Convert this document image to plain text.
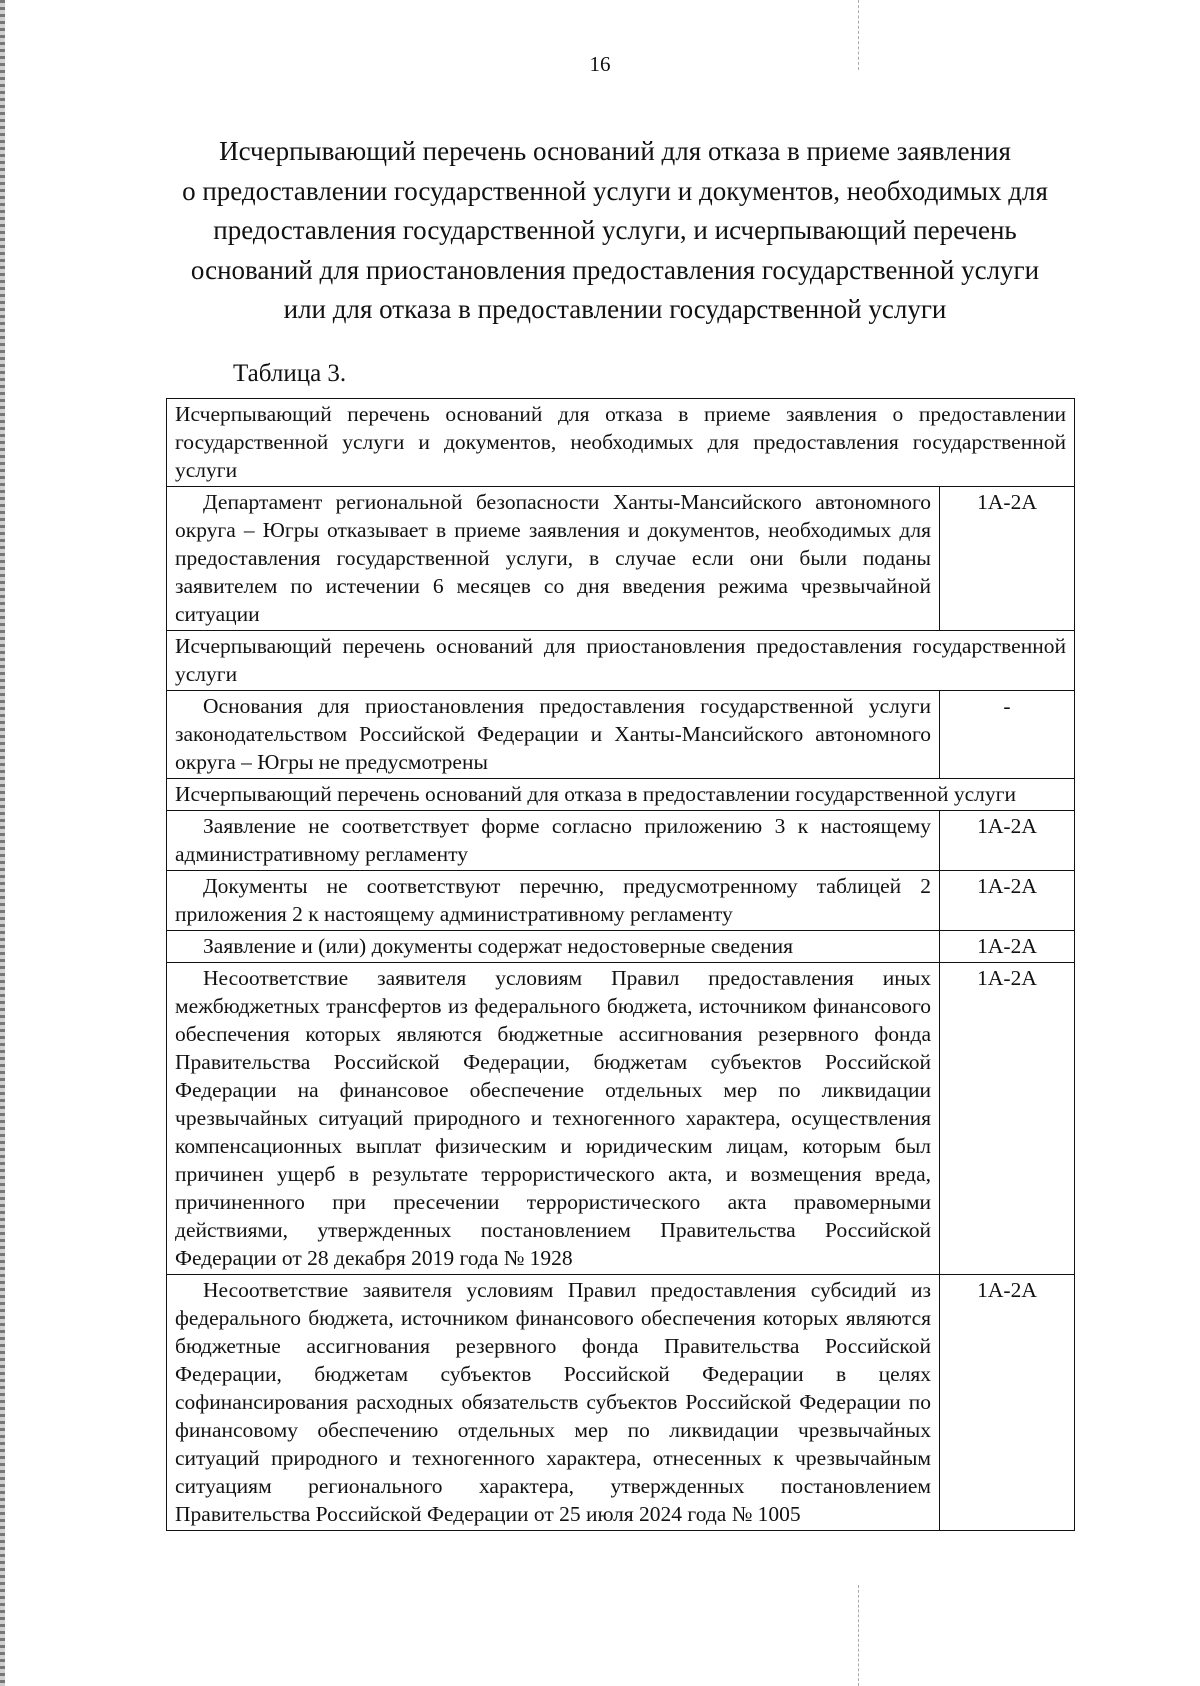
16
Исчерпывающий перечень оснований для отказа в приеме заявления
о предоставлении государственной услуги и документов, необходимых для
предоставления государственной услуги, и исчерпывающий перечень
оснований для приостановления предоставления государственной услуги
или для отказа в предоставлении государственной услуги
Таблица 3.
Исчерпывающий перечень оснований для отказа в приеме заявления о предоставлении государственной услуги и документов, необходимых для предоставления государственной услуги	
Департамент региональной безопасности Ханты-Мансийского автономного округа – Югры отказывает в приеме заявления и документов, необходимых для предоставления государственной услуги, в случае если они были поданы заявителем по истечении 6 месяцев со дня введения режима чрезвычайной ситуации	1А-2А
Исчерпывающий перечень оснований для приостановления предоставления государственной услуги	
Основания для приостановления предоставления государственной услуги законодательством Российской Федерации и Ханты-Мансийского автономного округа – Югры не предусмотрены	-
Исчерпывающий перечень оснований для отказа в предоставлении государственной услуги	
Заявление не соответствует форме согласно приложению 3 к настоящему административному регламенту	1А-2А
Документы не соответствуют перечню, предусмотренному таблицей 2 приложения 2 к настоящему административному регламенту	1А-2А
Заявление и (или) документы содержат недостоверные сведения	1А-2А
Несоответствие заявителя условиям Правил предоставления иных межбюджетных трансфертов из федерального бюджета, источником финансового обеспечения которых являются бюджетные ассигнования резервного фонда Правительства Российской Федерации, бюджетам субъектов Российской Федерации на финансовое обеспечение отдельных мер по ликвидации чрезвычайных ситуаций природного и техногенного характера, осуществления компенсационных выплат физическим и юридическим лицам, которым был причинен ущерб в результате террористического акта, и возмещения вреда, причиненного при пресечении террористического акта правомерными действиями, утвержденных постановлением Правительства Российской Федерации от 28 декабря 2019 года № 1928	1А-2А
Несоответствие заявителя условиям Правил предоставления субсидий из федерального бюджета, источником финансового обеспечения которых являются бюджетные ассигнования резервного фонда Правительства Российской Федерации, бюджетам субъектов Российской Федерации в целях софинансирования расходных обязательств субъектов Российской Федерации по финансовому обеспечению отдельных мер по ликвидации чрезвычайных ситуаций природного и техногенного характера, отнесенных к чрезвычайным ситуациям регионального характера, утвержденных постановлением Правительства Российской Федерации от 25 июля 2024 года № 1005	1А-2А
